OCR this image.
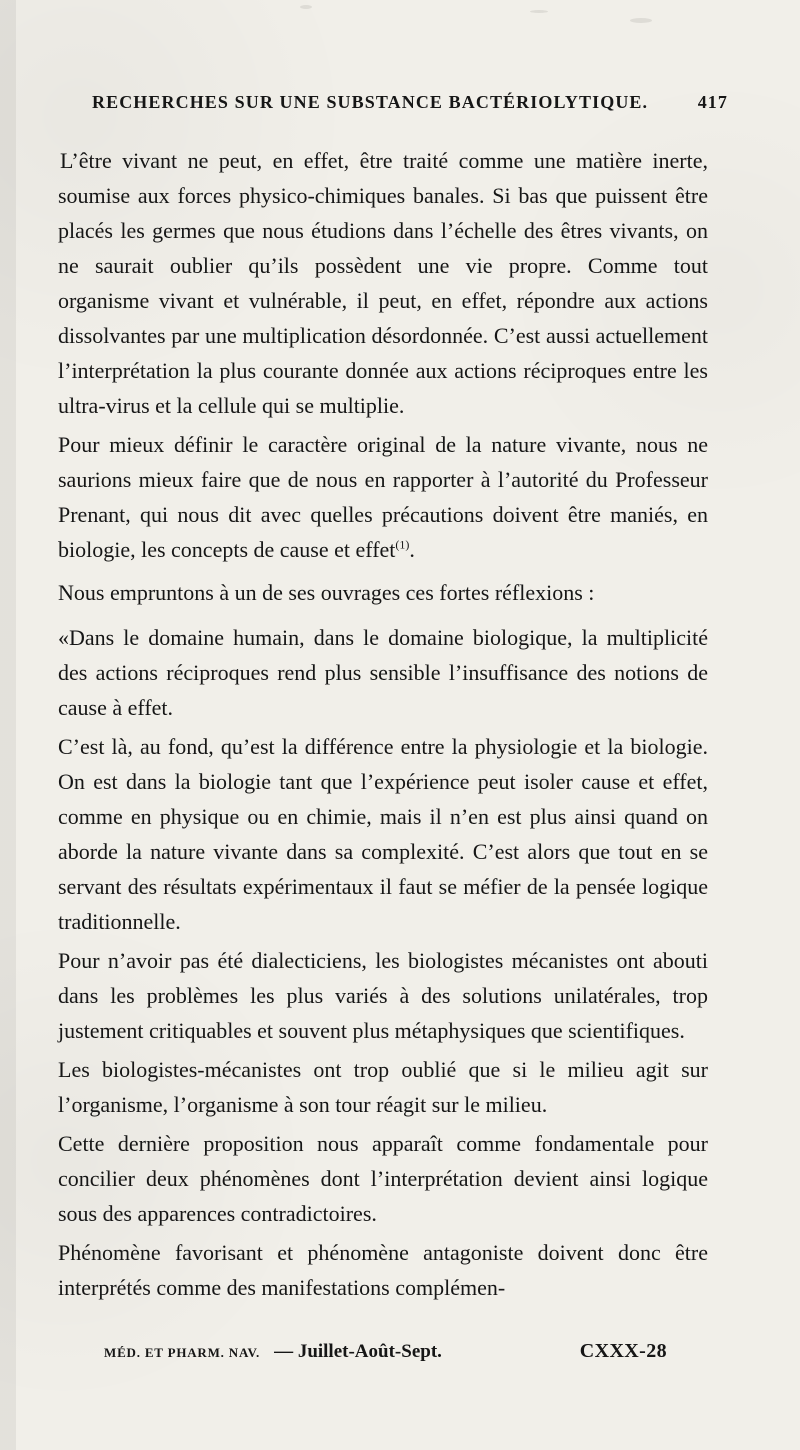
RECHERCHES SUR UNE SUBSTANCE BACTÉRIOLYTIQUE.	417

L’être vivant ne peut, en effet, être traité comme une matière inerte, soumise aux forces physico-chimiques banales. Si bas que puissent être placés les germes que nous étudions dans l’échelle des êtres vivants, on ne saurait oublier qu’ils possèdent une vie propre. Comme tout organisme vivant et vulnérable, il peut, en effet, répondre aux actions dissolvantes par une multiplication désordonnée. C’est aussi actuellement l’interprétation la plus courante donnée aux actions réciproques entre les ultra-virus et la cellule qui se multiplie.

Pour mieux définir le caractère original de la nature vivante, nous ne saurions mieux faire que de nous en rapporter à l’autorité du Professeur Prenant, qui nous dit avec quelles précautions doivent être maniés, en biologie, les concepts de cause et effet$^{(1)}$.

Nous empruntons à un de ses ouvrages ces fortes réflexions :

«Dans le domaine humain, dans le domaine biologique, la multiplicité des actions réciproques rend plus sensible l’insuffisance des notions de cause à effet.

C’est là, au fond, qu’est la différence entre la physiologie et la biologie. On est dans la biologie tant que l’expérience peut isoler cause et effet, comme en physique ou en chimie, mais il n’en est plus ainsi quand on aborde la nature vivante dans sa complexité. C’est alors que tout en se servant des résultats expérimentaux il faut se méfier de la pensée logique traditionnelle.

Pour n’avoir pas été dialecticiens, les biologistes mécanistes ont abouti dans les problèmes les plus variés à des solutions unilatérales, trop justement critiquables et souvent plus métaphysiques que scientifiques.

Les biologistes-mécanistes ont trop oublié que si le milieu agit sur l’organisme, l’organisme à son tour réagit sur le milieu.

Cette dernière proposition nous apparaît comme fondamentale pour concilier deux phénomènes dont l’interprétation devient ainsi logique sous des apparences contradictoires.

Phénomène favorisant et phénomène antagoniste doivent donc être interprétés comme des manifestations complémen-

MÉD. ET PHARM. NAV. — Juillet-Août-Sept.	CXXX-28
